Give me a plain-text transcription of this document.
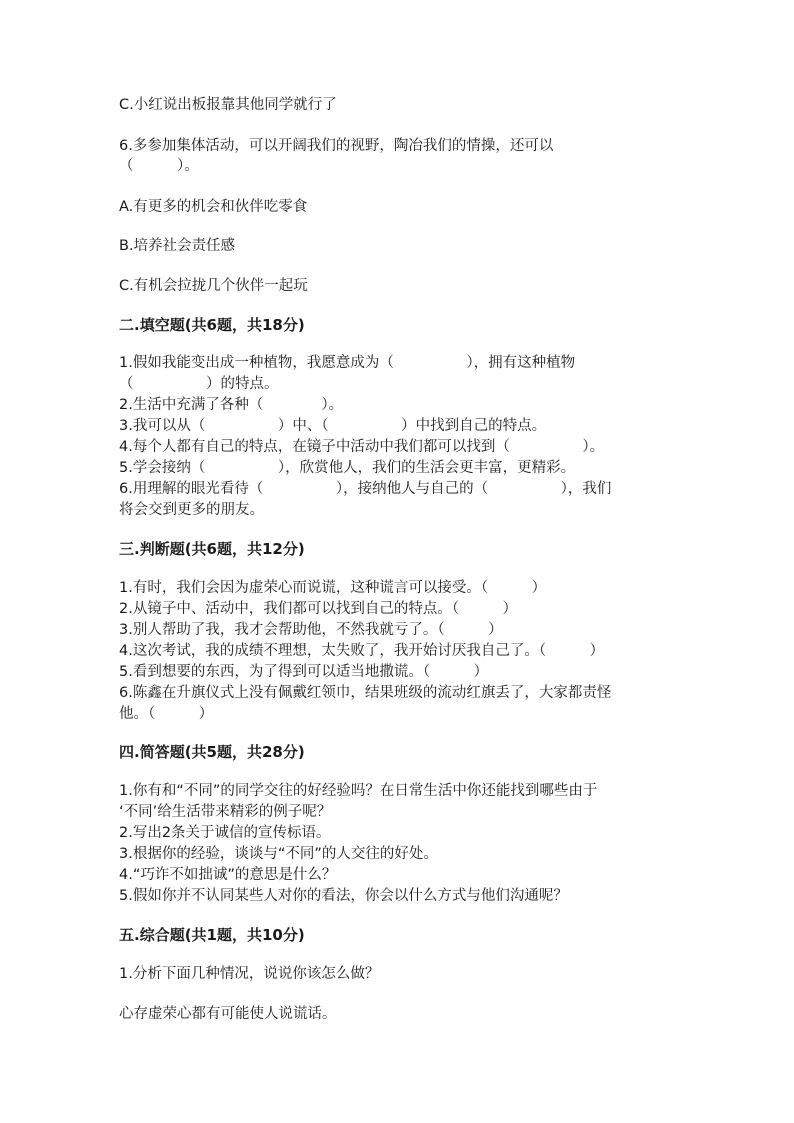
C.小红说出板报靠其他同学就行了
6.多参加集体活动，可以开阔我们的视野，陶冶我们的情操，还可以
（　　　）。
A.有更多的机会和伙伴吃零食
B.培养社会责任感
C.有机会拉拢几个伙伴一起玩
二.填空题(共6题，共18分)
1.假如我能变出成一种植物，我愿意成为（　　　　　），拥有这种植物
（　　　　　）的特点。
2.生活中充满了各种（　　　　）。
3.我可以从（　　　　　）中、（　　　　　）中找到自己的特点。
4.每个人都有自己的特点，在镜子中活动中我们都可以找到（　　　　　）。
5.学会接纳（　　　　　），欣赏他人，我们的生活会更丰富，更精彩。
6.用理解的眼光看待（　　　　　），接纳他人与自己的（　　　　　），我们
将会交到更多的朋友。
三.判断题(共6题，共12分)
1.有时，我们会因为虚荣心而说谎，这种谎言可以接受。（　　　）
2.从镜子中、活动中，我们都可以找到自己的特点。（　　　）
3.别人帮助了我，我才会帮助他，不然我就亏了。（　　　）
4.这次考试，我的成绩不理想，太失败了，我开始讨厌我自己了。（　　　）
5.看到想要的东西，为了得到可以适当地撒谎。（　　　）
6.陈鑫在升旗仪式上没有佩戴红领巾，结果班级的流动红旗丢了，大家都责怪
他。（　　　）
四.简答题(共5题，共28分)
1.你有和“不同”的同学交往的好经验吗？在日常生活中你还能找到哪些由于
‘不同’给生活带来精彩的例子呢？
2.写出2条关于诚信的宣传标语。
3.根据你的经验，谈谈与“不同”的人交往的好处。
4.“巧诈不如拙诚”的意思是什么？
5.假如你并不认同某些人对你的看法，你会以什么方式与他们沟通呢？
五.综合题(共1题，共10分)
1.分析下面几种情况，说说你该怎么做？
心存虚荣心都有可能使人说谎话。
